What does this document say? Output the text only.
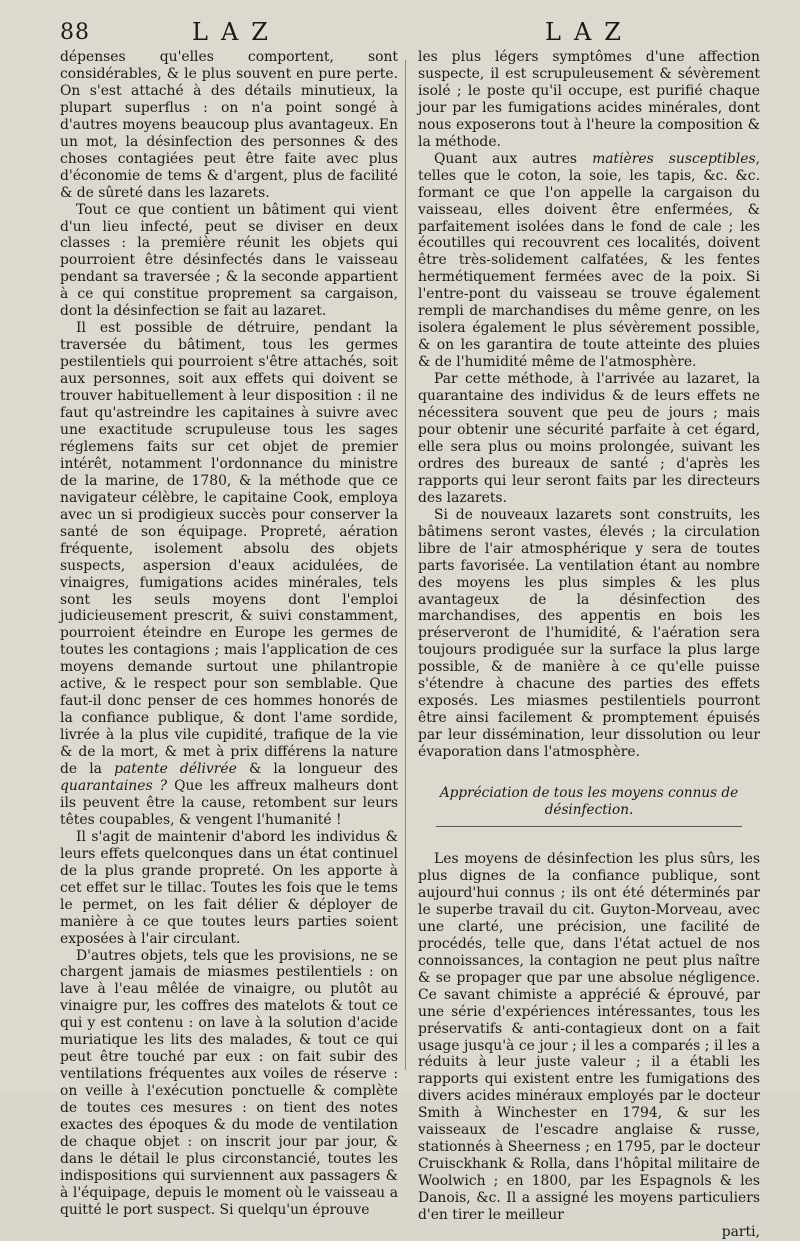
88	LAZ	LAZ

dépenses qu'elles comportent, sont considérables, & le plus souvent en pure perte. On s'est attaché à des détails minutieux, la plupart superflus : on n'a point songé à d'autres moyens beaucoup plus avantageux. En un mot, la désinfection des personnes & des choses contagiées peut être faite avec plus d'économie de tems & d'argent, plus de facilité & de sûreté dans les lazarets.

Tout ce que contient un bâtiment qui vient d'un lieu infecté, peut se diviser en deux classes : la première réunit les objets qui pourroient être désinfectés dans le vaisseau pendant sa traversée ; & la seconde appartient à ce qui constitue proprement sa cargaison, dont la désinfection se fait au lazaret.

Il est possible de détruire, pendant la traversée du bâtiment, tous les germes pestilentiels qui pourroient s'être attachés, soit aux personnes, soit aux effets qui doivent se trouver habituellement à leur disposition : il ne faut qu'astreindre les capitaines à suivre avec une exactitude scrupuleuse tous les sages réglemens faits sur cet objet de premier intérêt, notamment l'ordonnance du ministre de la marine, de 1780, & la méthode que ce navigateur célèbre, le capitaine Cook, employa avec un si prodigieux succès pour conserver la santé de son équipage. Propreté, aération fréquente, isolement absolu des objets suspects, aspersion d'eaux acidulées, de vinaigres, fumigations acides minérales, tels sont les seuls moyens dont l'emploi judicieusement prescrit, & suivi constamment, pourroient éteindre en Europe les germes de toutes les contagions ; mais l'application de ces moyens demande surtout une philantropie active, & le respect pour son semblable. Que faut-il donc penser de ces hommes honorés de la confiance publique, & dont l'ame sordide, livrée à la plus vile cupidité, trafique de la vie & de la mort, & met à prix différens la nature de la patente délivrée & la longueur des quarantaines ? Que les affreux malheurs dont ils peuvent être la cause, retombent sur leurs têtes coupables, & vengent l'humanité !

Il s'agit de maintenir d'abord les individus & leurs effets quelconques dans un état continuel de la plus grande propreté. On les apporte à cet effet sur le tillac. Toutes les fois que le tems le permet, on les fait délier & déployer de manière à ce que toutes leurs parties soient exposées à l'air circulant.

D'autres objets, tels que les provisions, ne se chargent jamais de miasmes pestilentiels : on lave à l'eau mêlée de vinaigre, ou plutôt au vinaigre pur, les coffres des matelots & tout ce qui y est contenu : on lave à la solution d'acide muriatique les lits des malades, & tout ce qui peut être touché par eux : on fait subir des ventilations fréquentes aux voiles de réserve : on veille à l'exécution ponctuelle & complète de toutes ces mesures : on tient des notes exactes des époques & du mode de ventilation de chaque objet : on inscrit jour par jour, & dans le détail le plus circonstancié, toutes les indispositions qui surviennent aux passagers & à l'équipage, depuis le moment où le vaisseau a quitté le port suspect. Si quelqu'un éprouve

les plus légers symptômes d'une affection suspecte, il est scrupuleusement & sévèrement isolé ; le poste qu'il occupe, est purifié chaque jour par les fumigations acides minérales, dont nous exposerons tout à l'heure la composition & la méthode.

Quant aux autres matières susceptibles, telles que le coton, la soie, les tapis, &c. &c. formant ce que l'on appelle la cargaison du vaisseau, elles doivent être enfermées, & parfaitement isolées dans le fond de cale ; les écoutilles qui recouvrent ces localités, doivent être très-solidement calfatées, & les fentes hermétiquement fermées avec de la poix. Si l'entre-pont du vaisseau se trouve également rempli de marchandises du même genre, on les isolera également le plus sévèrement possible, & on les garantira de toute atteinte des pluies & de l'humidité même de l'atmosphère.

Par cette méthode, à l'arrivée au lazaret, la quarantaine des individus & de leurs effets ne nécessitera souvent que peu de jours ; mais pour obtenir une sécurité parfaite à cet égard, elle sera plus ou moins prolongée, suivant les ordres des bureaux de santé ; d'après les rapports qui leur seront faits par les directeurs des lazarets.

Si de nouveaux lazarets sont construits, les bâtimens seront vastes, élevés ; la circulation libre de l'air atmosphérique y sera de toutes parts favorisée. La ventilation étant au nombre des moyens les plus simples & les plus avantageux de la désinfection des marchandises, des appentis en bois les préserveront de l'humidité, & l'aération sera toujours prodiguée sur la surface la plus large possible, & de manière à ce qu'elle puisse s'étendre à chacune des parties des effets exposés. Les miasmes pestilentiels pourront être ainsi facilement & promptement épuisés par leur dissémination, leur dissolution ou leur évaporation dans l'atmosphère.

Appréciation de tous les moyens connus de désinfection.

Les moyens de désinfection les plus sûrs, les plus dignes de la confiance publique, sont aujourd'hui connus ; ils ont été déterminés par le superbe travail du cit. Guyton-Morveau, avec une clarté, une précision, une facilité de procédés, telle que, dans l'état actuel de nos connoissances, la contagion ne peut plus naître & se propager que par une absolue négligence. Ce savant chimiste a apprécié & éprouvé, par une série d'expériences intéressantes, tous les préservatifs & anti-contagieux dont on a fait usage jusqu'à ce jour ; il les a comparés ; il les a réduits à leur juste valeur ; il a établi les rapports qui existent entre les fumigations des divers acides minéraux employés par le docteur Smith à Winchester en 1794, & sur les vaisseaux de l'escadre anglaise & russe, stationnés à Sheerness ; en 1795, par le docteur Cruisckhank & Rolla, dans l'hôpital militaire de Woolwich ; en 1800, par les Espagnols & les Danois, &c. Il a assigné les moyens particuliers d'en tirer le meilleur

parti,
